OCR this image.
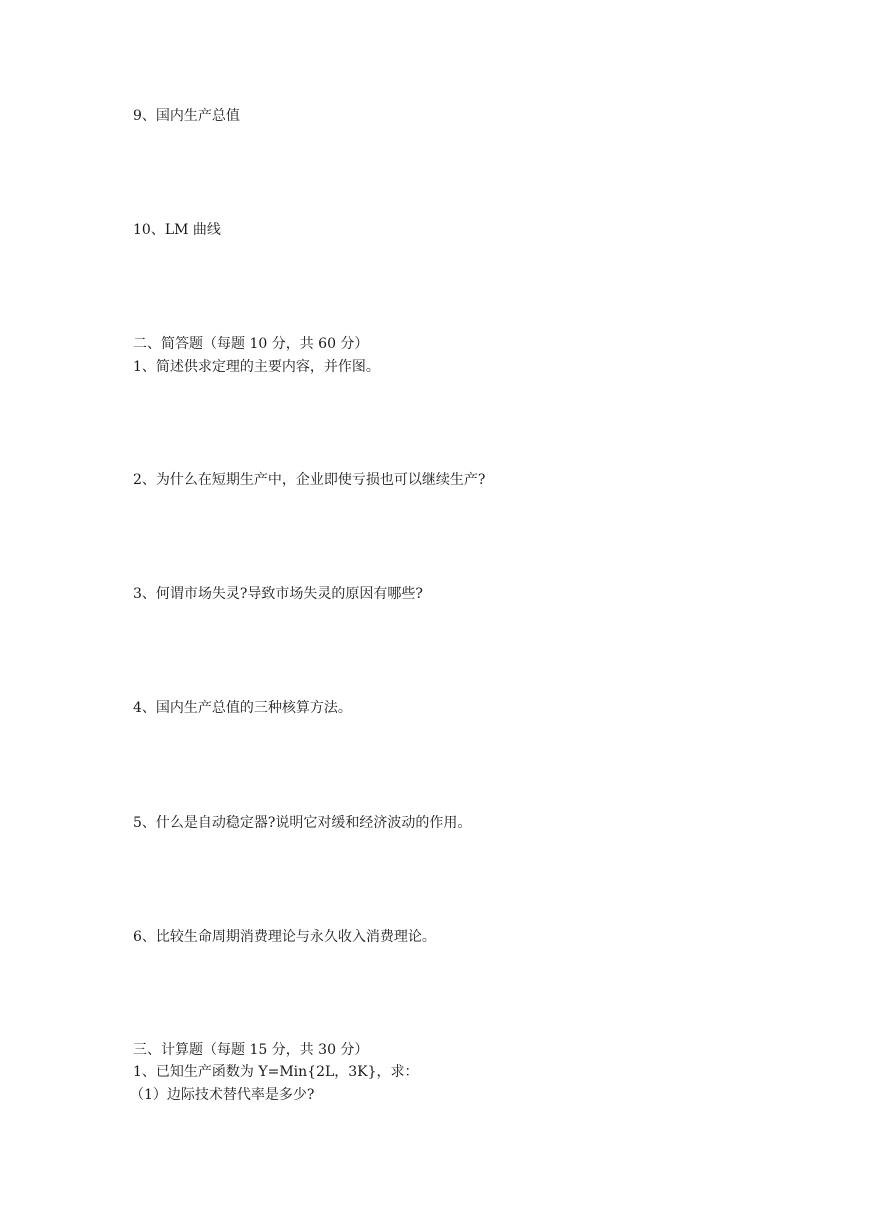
9、国内生产总值
10、LM 曲线
二、简答题（每题 10 分，共 60 分）
1、简述供求定理的主要内容，并作图。
2、为什么在短期生产中，企业即使亏损也可以继续生产?
3、何谓市场失灵?导致市场失灵的原因有哪些?
4、国内生产总值的三种核算方法。
5、什么是自动稳定器?说明它对缓和经济波动的作用。
6、比较生命周期消费理论与永久收入消费理论。
三、计算题（每题 15 分，共 30 分）
1、已知生产函数为 Y=Min{2L，3K}，求：
（1）边际技术替代率是多少?
